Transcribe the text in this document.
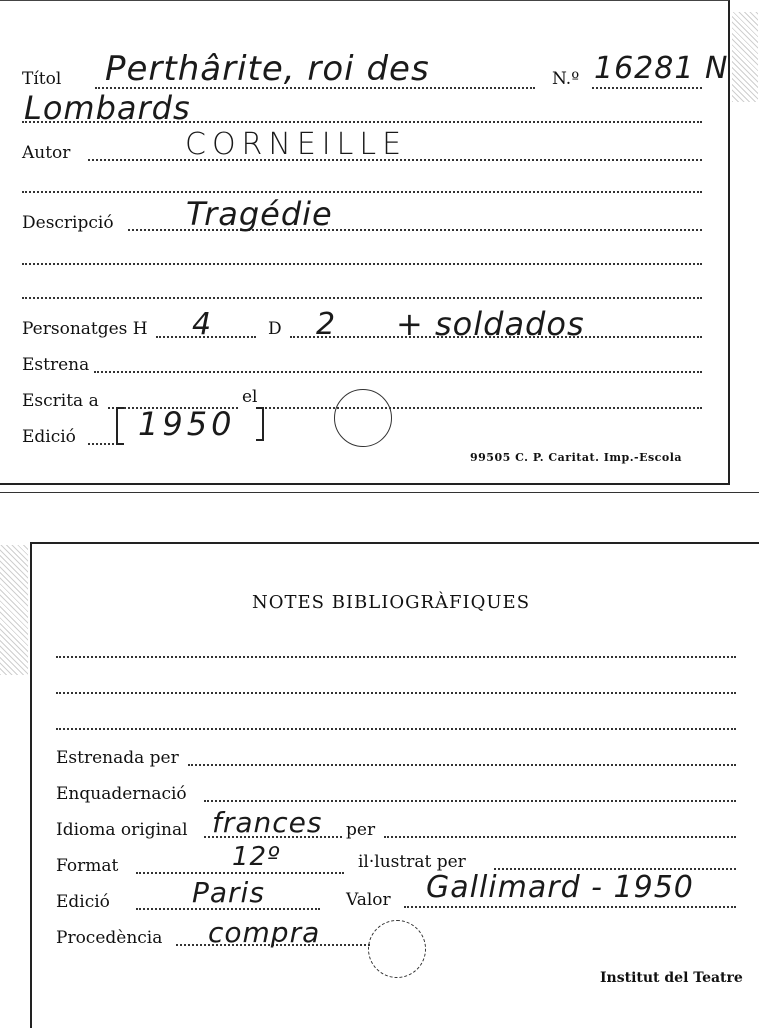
Títol Perthârite, roi des	N.º 16281 N
Lombards
Autor	CORNEILLE
Descripció Tragédie
Personatges H 4	D 2 + soldados
Estrena
Escrita a	el
Edició 1950
99505 C. P. Caritat. Imp.-Escola
NOTES BIBLIOGRÀFIQUES
Estrenada per
Enquadernació
Idioma original frances per
Format	12º	il·lustrat per
Edició	Paris	Valor Gallimard - 1950
Procedència compra
Institut del Teatre
